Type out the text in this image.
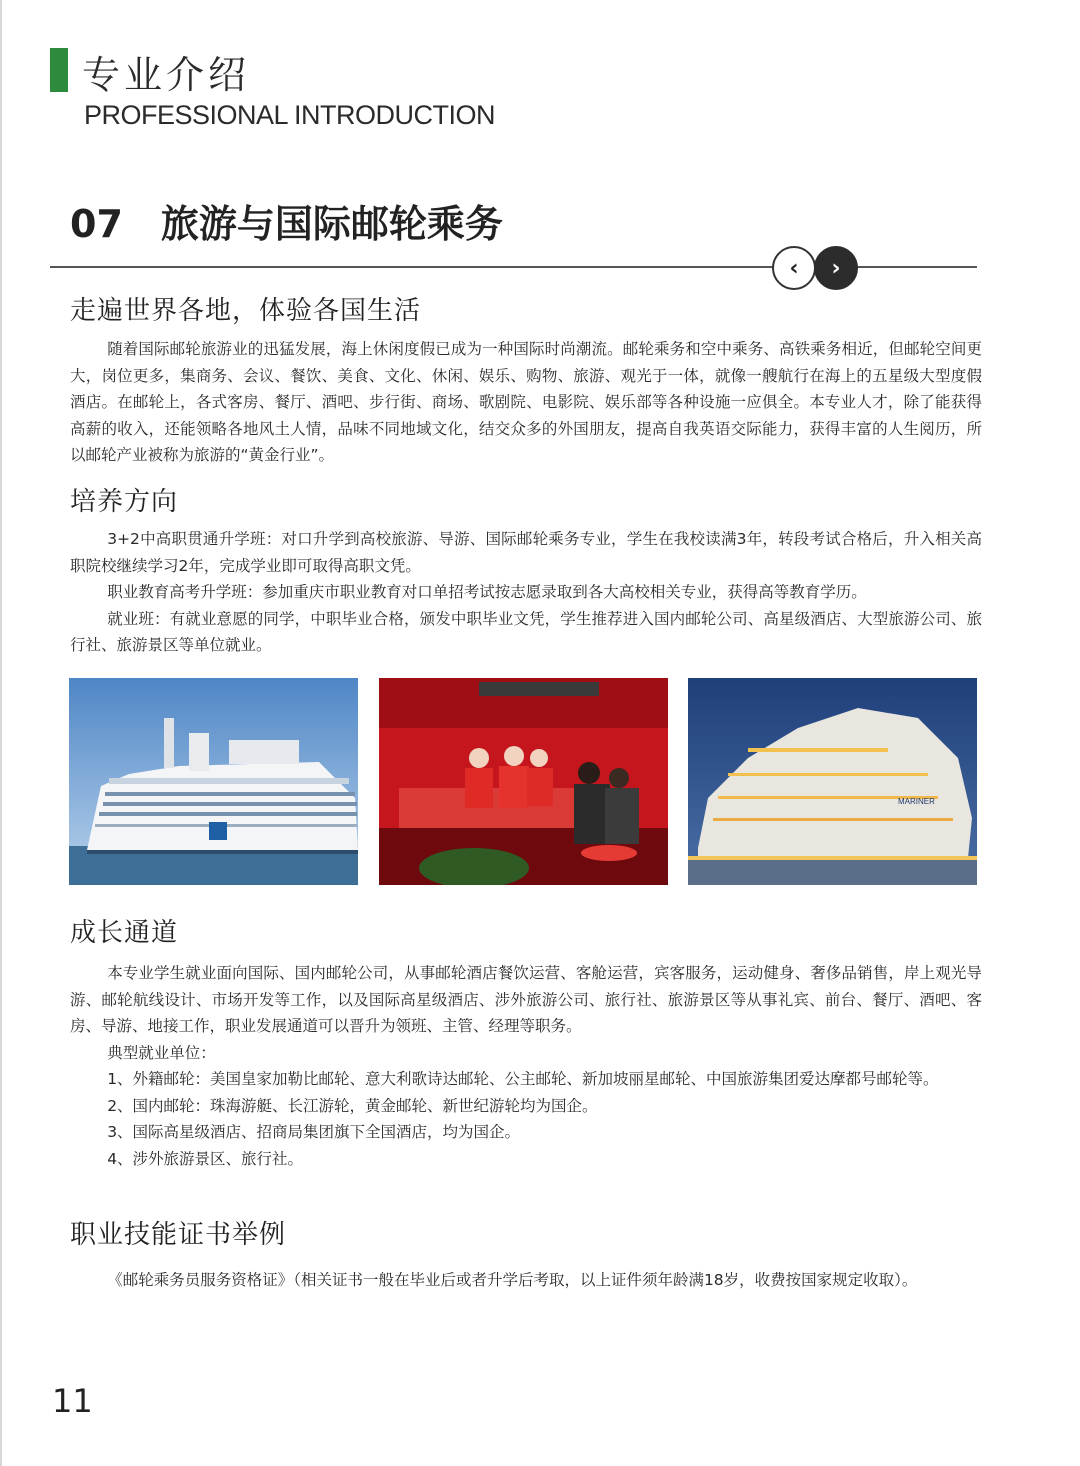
专业介绍
PROFESSIONAL INTRODUCTION
07 旅游与国际邮轮乘务
‹ ›
走遍世界各地，体验各国生活

随着国际邮轮旅游业的迅猛发展，海上休闲度假已成为一种国际时尚潮流。邮轮乘务和空中乘务、高铁乘务相近，但邮轮空间更大，岗位更多，集商务、会议、餐饮、美食、文化、休闲、娱乐、购物、旅游、观光于一体，就像一艘航行在海上的五星级大型度假酒店。在邮轮上，各式客房、餐厅、酒吧、步行街、商场、歌剧院、电影院、娱乐部等各种设施一应俱全。本专业人才，除了能获得高薪的收入，还能领略各地风土人情，品味不同地域文化，结交众多的外国朋友，提高自我英语交际能力，获得丰富的人生阅历，所以邮轮产业被称为旅游的“黄金行业”。

培养方向

3+2中高职贯通升学班：对口升学到高校旅游、导游、国际邮轮乘务专业，学生在我校读满3年，转段考试合格后，升入相关高职院校继续学习2年，完成学业即可取得高职文凭。

职业教育高考升学班：参加重庆市职业教育对口单招考试按志愿录取到各大高校相关专业，获得高等教育学历。

就业班：有就业意愿的同学，中职毕业合格，颁发中职毕业文凭，学生推荐进入国内邮轮公司、高星级酒店、大型旅游公司、旅行社、旅游景区等单位就业。

MARINER
成长通道

本专业学生就业面向国际、国内邮轮公司，从事邮轮酒店餐饮运营、客舱运营，宾客服务，运动健身、奢侈品销售，岸上观光导游、邮轮航线设计、市场开发等工作，以及国际高星级酒店、涉外旅游公司、旅行社、旅游景区等从事礼宾、前台、餐厅、酒吧、客房、导游、地接工作，职业发展通道可以晋升为领班、主管、经理等职务。

典型就业单位：

1、外籍邮轮：美国皇家加勒比邮轮、意大利歌诗达邮轮、公主邮轮、新加坡丽星邮轮、中国旅游集团爱达摩都号邮轮等。

2、国内邮轮：珠海游艇、长江游轮，黄金邮轮、新世纪游轮均为国企。

3、国际高星级酒店、招商局集团旗下全国酒店，均为国企。

4、涉外旅游景区、旅行社。

职业技能证书举例

《邮轮乘务员服务资格证》（相关证书一般在毕业后或者升学后考取，以上证件须年龄满18岁，收费按国家规定收取）。

11
